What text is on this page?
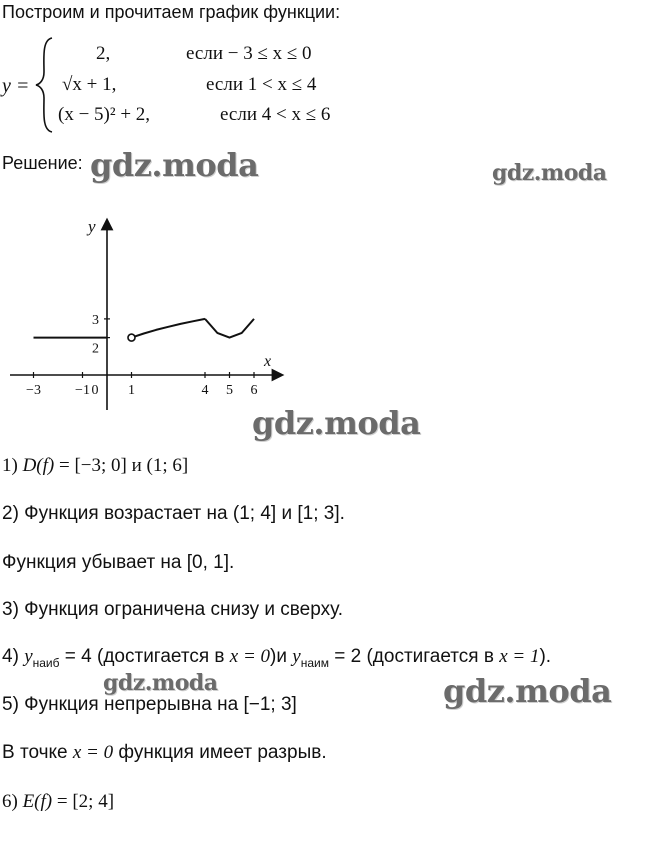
Построим и прочитаем график функции:
y =
2,	если − 3 ≤ x ≤ 0
√x + 1,	если 1 < x ≤ 4
(x − 5)² + 2,	если 4 < x ≤ 6
Решение: gdz.moda	gdz.moda
gdz.moda
gdz.moda	gdz.moda
−3 −1 0 1	4 5 6
3
2
y
x
1) D(f) = [−3; 0] и (1; 6]
2) Функция возрастает на (1; 4] и [1; 3].
Функция убывает на [0, 1].
3) Функция ограничена снизу и сверху.
4) $y_{наиб} = 4$ (достигается в x = 0)и $y_{наим} = 2$ (достигается в x = 1).
5) Функция непрерывна на [−1; 3]
В точке x = 0 функция имеет разрыв.
6) E(f) = [2; 4]
